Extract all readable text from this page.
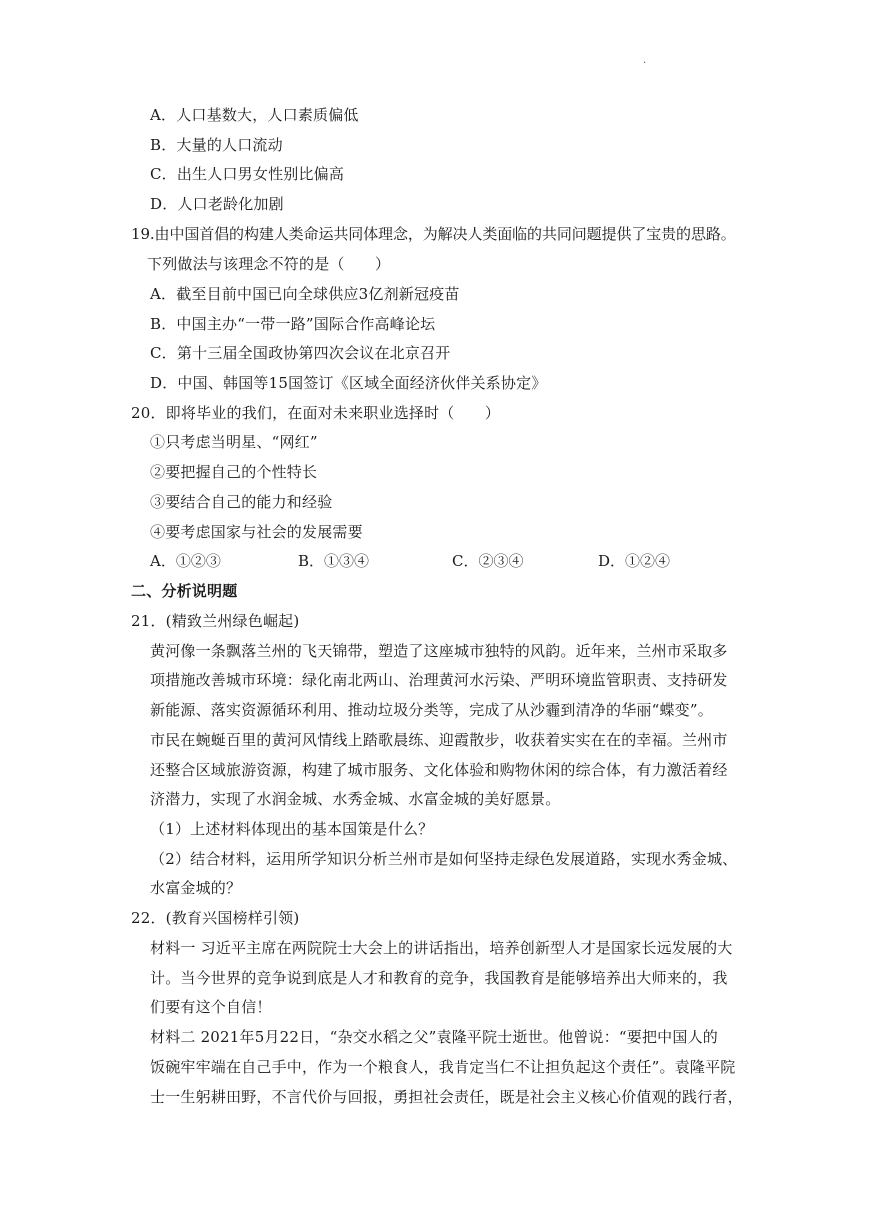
.
A．人口基数大，人口素质偏低
B．大量的人口流动
C．出生人口男女性别比偏高
D．人口老龄化加剧
19.由中国首倡的构建人类命运共同体理念，为解决人类面临的共同问题提供了宝贵的思路。
下列做法与该理念不符的是（　　）
A．截至目前中国已向全球供应3亿剂新冠疫苗
B．中国主办“一带一路”国际合作高峰论坛
C．第十三届全国政协第四次会议在北京召开
D．中国、韩国等15国签订《区域全面经济伙伴关系协定》
20．即将毕业的我们，在面对未来职业选择时（　　）
①只考虑当明星、“网红”
②要把握自己的个性特长
③要结合自己的能力和经验
④要考虑国家与社会的发展需要
A．①②③	B．①③④	C．②③④	D．①②④
二、分析说明题
21．(精致兰州绿色崛起)
黄河像一条飘落兰州的飞天锦带，塑造了这座城市独特的风韵。近年来，兰州市采取多
项措施改善城市环境：绿化南北两山、治理黄河水污染、严明环境监管职责、支持研发
新能源、落实资源循环利用、推动垃圾分类等，完成了从沙霾到清净的华丽“蝶变”。
市民在蜿蜒百里的黄河风情线上踏歌晨练、迎霞散步，收获着实实在在的幸福。兰州市
还整合区域旅游资源，构建了城市服务、文化体验和购物休闲的综合体，有力激活着经
济潜力，实现了水润金城、水秀金城、水富金城的美好愿景。
（1）上述材料体现出的基本国策是什么？
（2）结合材料，运用所学知识分析兰州市是如何坚持走绿色发展道路，实现水秀金城、
水富金城的？
22．(教育兴国榜样引领)
材料一 习近平主席在两院院士大会上的讲话指出，培养创新型人才是国家长远发展的大
计。当今世界的竞争说到底是人才和教育的竞争，我国教育是能够培养出大师来的，我
们要有这个自信！
材料二 2021年5月22日，“杂交水稻之父”袁隆平院士逝世。他曾说：“要把中国人的
饭碗牢牢端在自己手中，作为一个粮食人，我肯定当仁不让担负起这个责任”。袁隆平院
士一生躬耕田野，不言代价与回报，勇担社会责任，既是社会主义核心价值观的践行者，
